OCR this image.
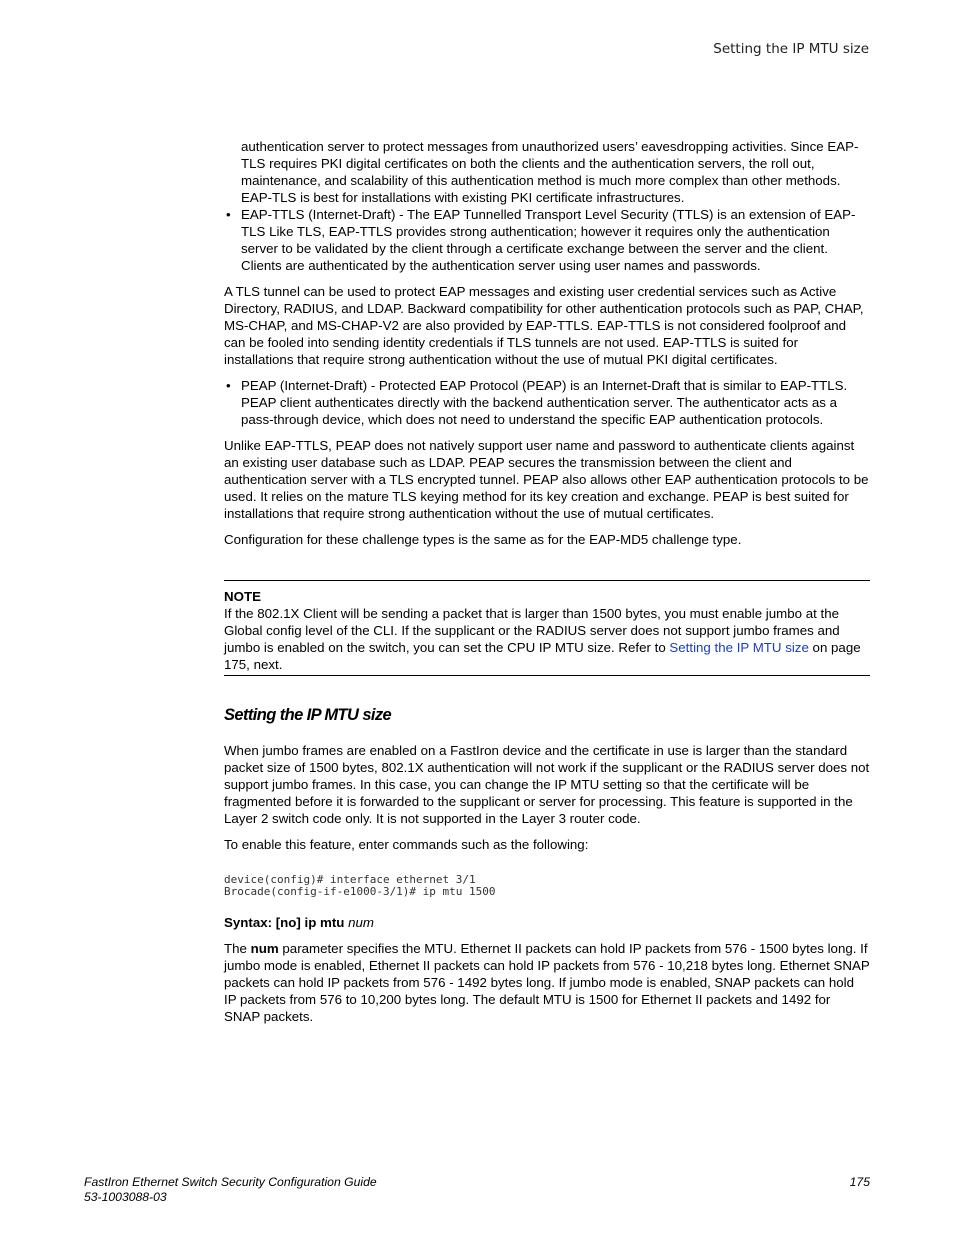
Setting the IP MTU size
authentication server to protect messages from unauthorized users’ eavesdropping activities. Since EAP-TLS requires PKI digital certificates on both the clients and the authentication servers, the roll out, maintenance, and scalability of this authentication method is much more complex than other methods. EAP-TLS is best for installations with existing PKI certificate infrastructures.
• EAP-TTLS (Internet-Draft) - The EAP Tunnelled Transport Level Security (TTLS) is an extension of EAP-TLS Like TLS, EAP-TTLS provides strong authentication; however it requires only the authentication server to be validated by the client through a certificate exchange between the server and the client. Clients are authenticated by the authentication server using user names and passwords.

A TLS tunnel can be used to protect EAP messages and existing user credential services such as Active Directory, RADIUS, and LDAP. Backward compatibility for other authentication protocols such as PAP, CHAP, MS-CHAP, and MS-CHAP-V2 are also provided by EAP-TTLS. EAP-TTLS is not considered foolproof and can be fooled into sending identity credentials if TLS tunnels are not used. EAP-TTLS is suited for installations that require strong authentication without the use of mutual PKI digital certificates.

• PEAP (Internet-Draft) - Protected EAP Protocol (PEAP) is an Internet-Draft that is similar to EAP-TTLS. PEAP client authenticates directly with the backend authentication server. The authenticator acts as a pass-through device, which does not need to understand the specific EAP authentication protocols.

Unlike EAP-TTLS, PEAP does not natively support user name and password to authenticate clients against an existing user database such as LDAP. PEAP secures the transmission between the client and authentication server with a TLS encrypted tunnel. PEAP also allows other EAP authentication protocols to be used. It relies on the mature TLS keying method for its key creation and exchange. PEAP is best suited for installations that require strong authentication without the use of mutual certificates.

Configuration for these challenge types is the same as for the EAP-MD5 challenge type.

NOTE

If the 802.1X Client will be sending a packet that is larger than 1500 bytes, you must enable jumbo at the Global config level of the CLI. If the supplicant or the RADIUS server does not support jumbo frames and jumbo is enabled on the switch, you can set the CPU IP MTU size. Refer to Setting the IP MTU size on page 175, next.

Setting the IP MTU size

When jumbo frames are enabled on a FastIron device and the certificate in use is larger than the standard packet size of 1500 bytes, 802.1X authentication will not work if the supplicant or the RADIUS server does not support jumbo frames. In this case, you can change the IP MTU setting so that the certificate will be fragmented before it is forwarded to the supplicant or server for processing. This feature is supported in the Layer 2 switch code only. It is not supported in the Layer 3 router code.

To enable this feature, enter commands such as the following:

device(config)# interface ethernet 3/1
Brocade(config-if-e1000-3/1)# ip mtu 1500
Syntax: [no] ip mtu num

The num parameter specifies the MTU. Ethernet II packets can hold IP packets from 576 - 1500 bytes long. If jumbo mode is enabled, Ethernet II packets can hold IP packets from 576 - 10,218 bytes long. Ethernet SNAP packets can hold IP packets from 576 - 1492 bytes long. If jumbo mode is enabled, SNAP packets can hold IP packets from 576 to 10,200 bytes long. The default MTU is 1500 for Ethernet II packets and 1492 for SNAP packets.

FastIron Ethernet Switch Security Configuration Guide
53-1003088-03
175
